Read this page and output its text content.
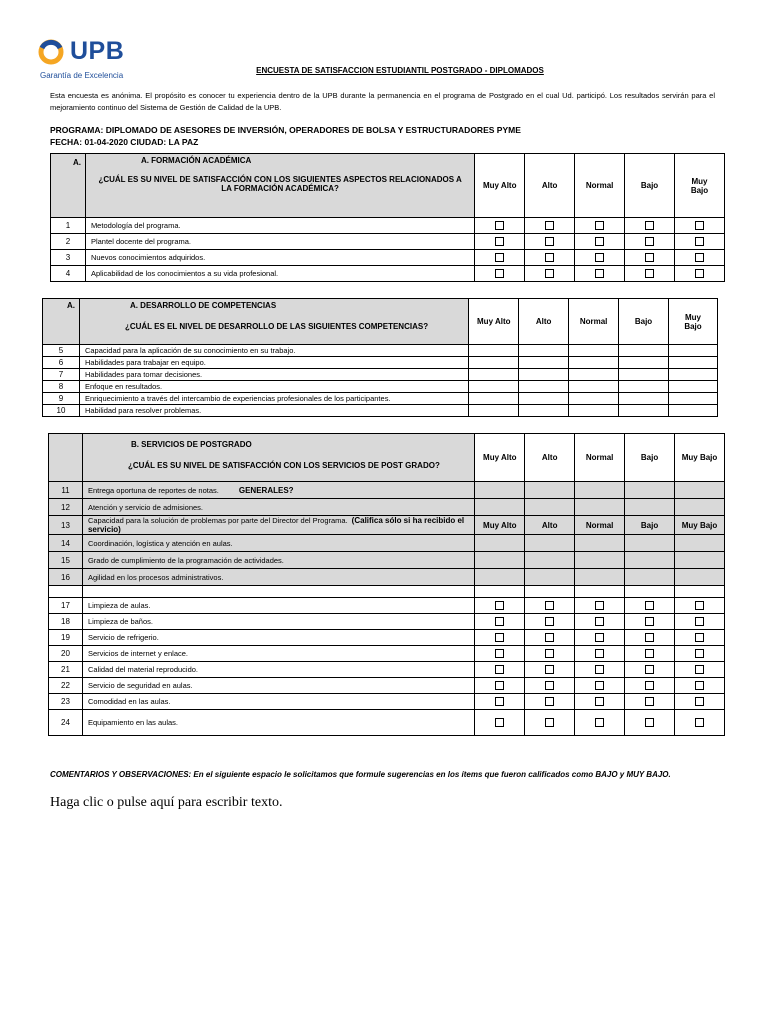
UPB
Garantía de Excelencia
ENCUESTA DE SATISFACCION ESTUDIANTIL POSTGRADO - DIPLOMADOS
Esta encuesta es anónima. El propósito es conocer tu experiencia dentro de la UPB durante la permanencia en el programa de Postgrado en el cual Ud. participó. Los resultados servirán para el mejoramiento continuo del Sistema de Gestión de Calidad de la UPB.
PROGRAMA: DIPLOMADO DE ASESORES DE INVERSIÓN, OPERADORES DE BOLSA Y ESTRUCTURADORES PYME
FECHA: 01-04-2020 CIUDAD: LA PAZ
A.	A. FORMACIÓN ACADÉMICA
¿CUÁL ES SU NIVEL DE SATISFACCIÓN CON LOS SIGUIENTES ASPECTOS RELACIONADOS A LA FORMACIÓN ACADÉMICA?	Muy Alto	Alto	Normal	Bajo	Muy Bajo
1	Metodología del programa.					
2	Plantel docente del programa.					
3	Nuevos conocimientos adquiridos.					
4	Aplicabilidad de los conocimientos a su vida profesional.					
A.	A. DESARROLLO DE COMPETENCIAS
¿CUÁL ES EL NIVEL DE DESARROLLO DE LAS SIGUIENTES COMPETENCIAS?	Muy Alto	Alto	Normal	Bajo	Muy Bajo
5	Capacidad para la aplicación de su conocimiento en su trabajo.					
6	Habilidades para trabajar en equipo.					
7	Habilidades para tomar decisiones.					
8	Enfoque en resultados.					
9	Enriquecimiento a través del intercambio de experiencias profesionales de los participantes.					
10	Habilidad para resolver problemas.					

	B. SERVICIOS DE POSTGRADO
¿CUÁL ES SU NIVEL DE SATISFACCIÓN CON LOS SERVICIOS DE POST GRADO?	Muy Alto	Alto	Normal	Bajo	Muy Bajo
11	Entrega oportuna de reportes de notas. GENERALES?					
12	Atención y servicio de admisiones.					
13	Capacidad para la solución de problemas por parte del Director del Programa. (Califica sólo si ha recibido el servicio)	Muy Alto	Alto	Normal	Bajo	Muy Bajo
14	Coordinación, logística y atención en aulas.					
15	Grado de cumplimiento de la programación de actividades.					
16	Agilidad en los procesos administrativos.					

17	Limpieza de aulas.					
18	Limpieza de baños.					
19	Servicio de refrigerio.					
20	Servicios de internet y enlace.					
21	Calidad del material reproducido.					
22	Servicio de seguridad en aulas.					
23	Comodidad en las aulas.					
24	Equipamiento en las aulas.					
COMENTARIOS Y OBSERVACIONES: En el siguiente espacio le solicitamos que formule sugerencias en los ítems que fueron calificados como BAJO y MUY BAJO.
Haga clic o pulse aquí para escribir texto.
